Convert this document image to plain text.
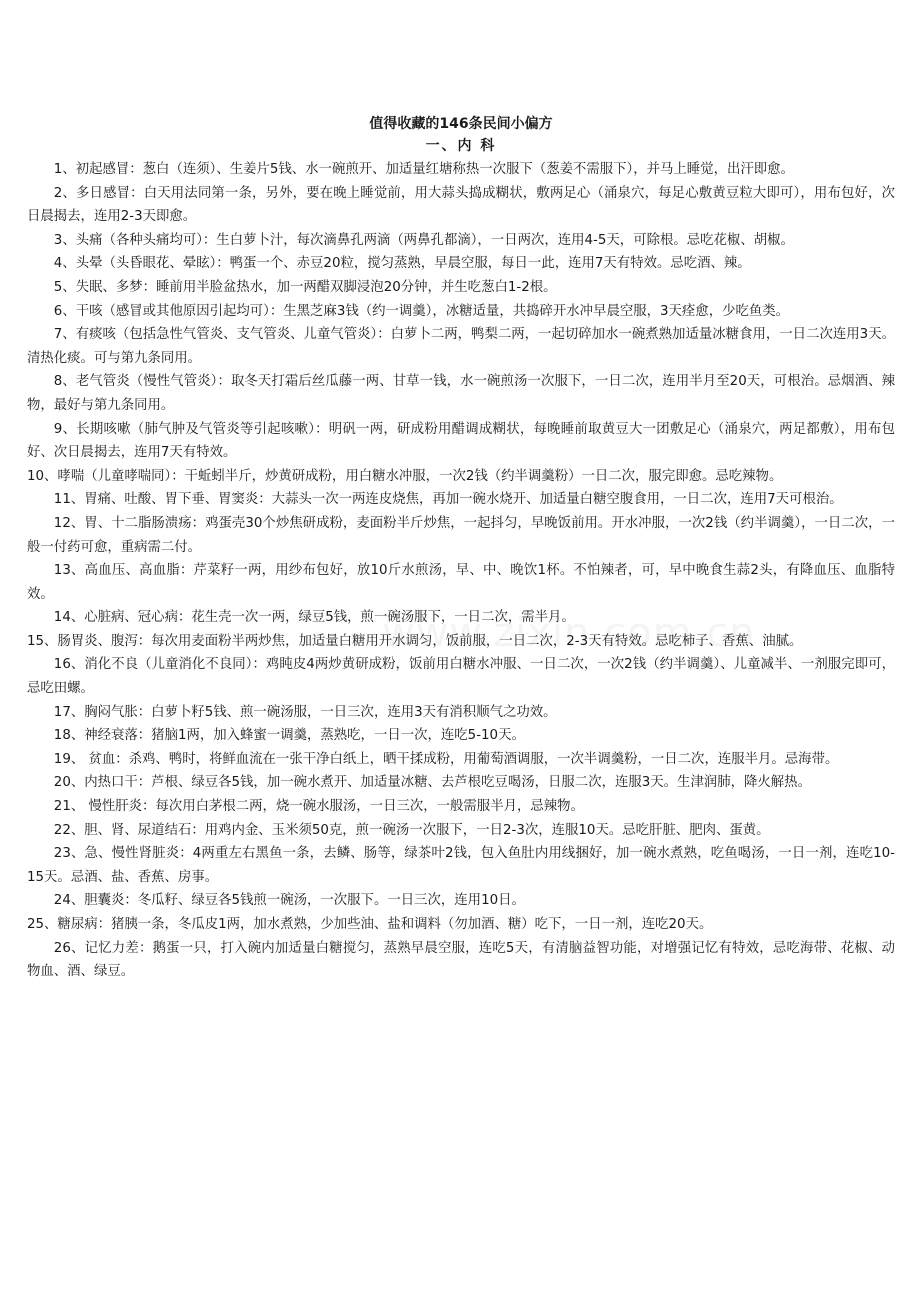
值得收藏的146条民间小偏方

一、内 科

1、初起感冒：葱白（连须）、生姜片5钱、水一碗煎开、加适量红塘称热一次服下（葱姜不需服下），并马上睡觉，出汗即愈。

2、多日感冒：白天用法同第一条，另外，要在晚上睡觉前，用大蒜头捣成糊状，敷两足心（涌泉穴，每足心敷黄豆粒大即可），用布包好，次日晨揭去，连用2-3天即愈。

3、头痛（各种头痛均可）：生白萝卜汁，每次滴鼻孔两滴（两鼻孔都滴），一日两次，连用4-5天，可除根。忌吃花椒、胡椒。

4、头晕（头昏眼花、晕眩）：鸭蛋一个、赤豆20粒，搅匀蒸熟，早晨空服，每日一此，连用7天有特效。忌吃酒、辣。

5、失眠、多梦：睡前用半脸盆热水，加一两醋双脚浸泡20分钟，并生吃葱白1-2根。

6、干咳（感冒或其他原因引起均可）：生黑芝麻3钱（约一调羹），冰糖适量，共捣碎开水冲早晨空服，3天痊愈，少吃鱼类。

7、有痰咳（包括急性气管炎、支气管炎、儿童气管炎）：白萝卜二两，鸭梨二两，一起切碎加水一碗煮熟加适量冰糖食用，一日二次连用3天。清热化痰。可与第九条同用。

8、老气管炎（慢性气管炎）：取冬天打霜后丝瓜藤一两、甘草一钱，水一碗煎汤一次服下，一日二次，连用半月至20天，可根治。忌烟酒、辣物，最好与第九条同用。

9、长期咳嗽（肺气肿及气管炎等引起咳嗽）：明矾一两，研成粉用醋调成糊状，每晚睡前取黄豆大一团敷足心（涌泉穴，两足都敷），用布包好、次日晨揭去，连用7天有特效。

10、哮喘（儿童哮喘同）：干蚯蚓半斤，炒黄研成粉，用白糖水冲服，一次2钱（约半调羹粉）一日二次，服完即愈。忌吃辣物。

11、胃痛、吐酸、胃下垂、胃窦炎：大蒜头一次一两连皮烧焦，再加一碗水烧开、加适量白糖空腹食用，一日二次，连用7天可根治。

12、胃、十二脂肠溃疡：鸡蛋壳30个炒焦研成粉，麦面粉半斤炒焦，一起抖匀，早晚饭前用。开水冲服，一次2钱（约半调羹），一日二次，一般一付药可愈，重病需二付。

13、高血压、高血脂：芹菜籽一两，用纱布包好，放10斤水煎汤，早、中、晚饮1杯。不怕辣者，可，早中晚食生蒜2头，有降血压、血脂特效。

14、心脏病、冠心病：花生壳一次一两，绿豆5钱，煎一碗汤服下，一日二次，需半月。

15、肠胃炎、腹泻：每次用麦面粉半两炒焦，加适量白糖用开水调匀，饭前服，一日二次，2-3天有特效。忌吃柿子、香蕉、油腻。

16、消化不良（儿童消化不良同）：鸡盹皮4两炒黄研成粉，饭前用白糖水冲服、一日二次，一次2钱（约半调羹）、儿童减半、一剂服完即可，忌吃田螺。

17、胸闷气胀：白萝卜籽5钱、煎一碗汤服，一日三次，连用3天有消积顺气之功效。

18、神经衰落：猪脑1两，加入蜂蜜一调羹，蒸熟吃，一日一次，连吃5-10天。

19、 贫血：杀鸡、鸭时，将鲜血流在一张干净白纸上，晒干揉成粉，用葡萄酒调服，一次半调羹粉，一日二次，连服半月。忌海带。

20、内热口干：芦根、绿豆各5钱，加一碗水煮开、加适量冰糖、去芦根吃豆喝汤，日服二次，连服3天。生津润肺，降火解热。

21、 慢性肝炎：每次用白茅根二两，烧一碗水服汤，一日三次，一般需服半月，忌辣物。

22、胆、肾、尿道结石：用鸡内金、玉米须50克，煎一碗汤一次服下，一日2-3次，连服10天。忌吃肝脏、肥肉、蛋黄。

23、急、慢性肾脏炎：4两重左右黑鱼一条，去鳞、肠等，绿茶叶2钱，包入鱼肚内用线捆好，加一碗水煮熟，吃鱼喝汤，一日一剂，连吃10-15天。忌酒、盐、香蕉、房事。

24、胆囊炎：冬瓜籽、绿豆各5钱煎一碗汤，一次服下。一日三次，连用10日。

25、糖尿病：猪胰一条，冬瓜皮1两，加水煮熟，少加些油、盐和调料（勿加酒、糖）吃下，一日一剂，连吃20天。

26、记忆力差：鹅蛋一只，打入碗内加适量白糖搅匀，蒸熟早晨空服，连吃5天，有清脑益智功能，对增强记忆有特效，忌吃海带、花椒、动物血、酒、绿豆。
